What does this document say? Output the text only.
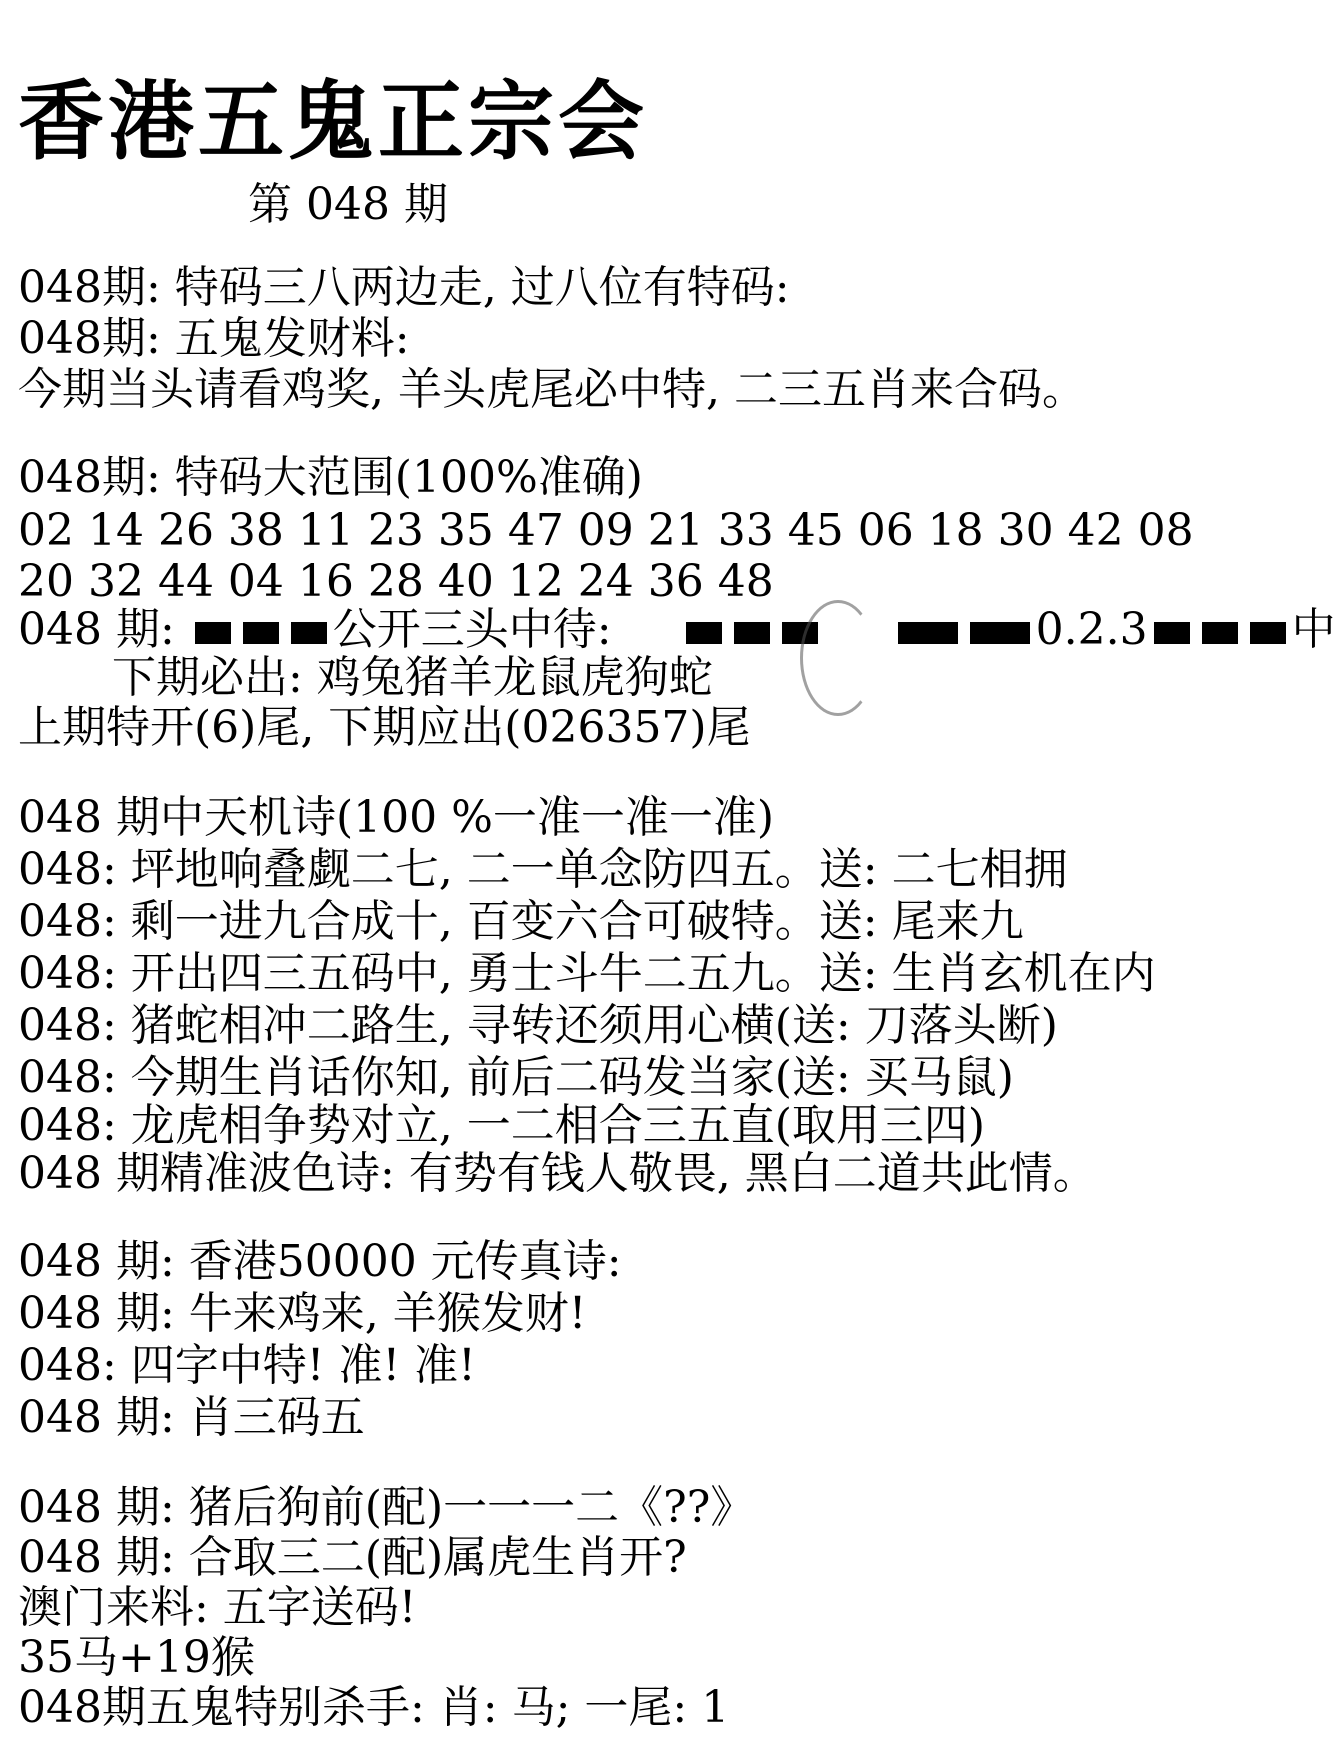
香港五鬼正宗会
第 048 期
048期: 特码三八两边走, 过八位有特码:
048期: 五鬼发财料:
今期当头请看鸡奖, 羊头虎尾必中特, 二三五肖来合码。
048期: 特码大范围(100%准确)
02 14 26 38 11 23 35 47 09 21 33 45 06 18 30 42 08
20 32 44 04 16 28 40 12 24 36 48
048 期:	公开三头中待:	0.2.3	中
下期必出: 鸡兔猪羊龙鼠虎狗蛇
上期特开(6)尾, 下期应出(026357)尾
048 期中天机诗(100 %一准一准一准)
048: 坪地响叠觑二七, 二一单念防四五。送: 二七相拥
048: 剩一进九合成十, 百变六合可破特。送: 尾来九
048: 开出四三五码中, 勇士斗牛二五九。送: 生肖玄机在内
048: 猪蛇相冲二路生, 寻转还须用心横(送: 刀落头断)
048: 今期生肖话你知, 前后二码发当家(送: 买马鼠)
048: 龙虎相争势对立, 一二相合三五直(取用三四)
048 期精准波色诗: 有势有钱人敬畏, 黑白二道共此情。
048 期: 香港50000 元传真诗:
048 期: 牛来鸡来, 羊猴发财!
048: 四字中特! 准! 准!
048 期: 肖三码五
048 期: 猪后狗前(配)一一一二《??》
048 期: 合取三二(配)属虎生肖开?
澳门来料: 五字送码!
35马+19猴
048期五鬼特别杀手: 肖: 马; 一尾: 1
